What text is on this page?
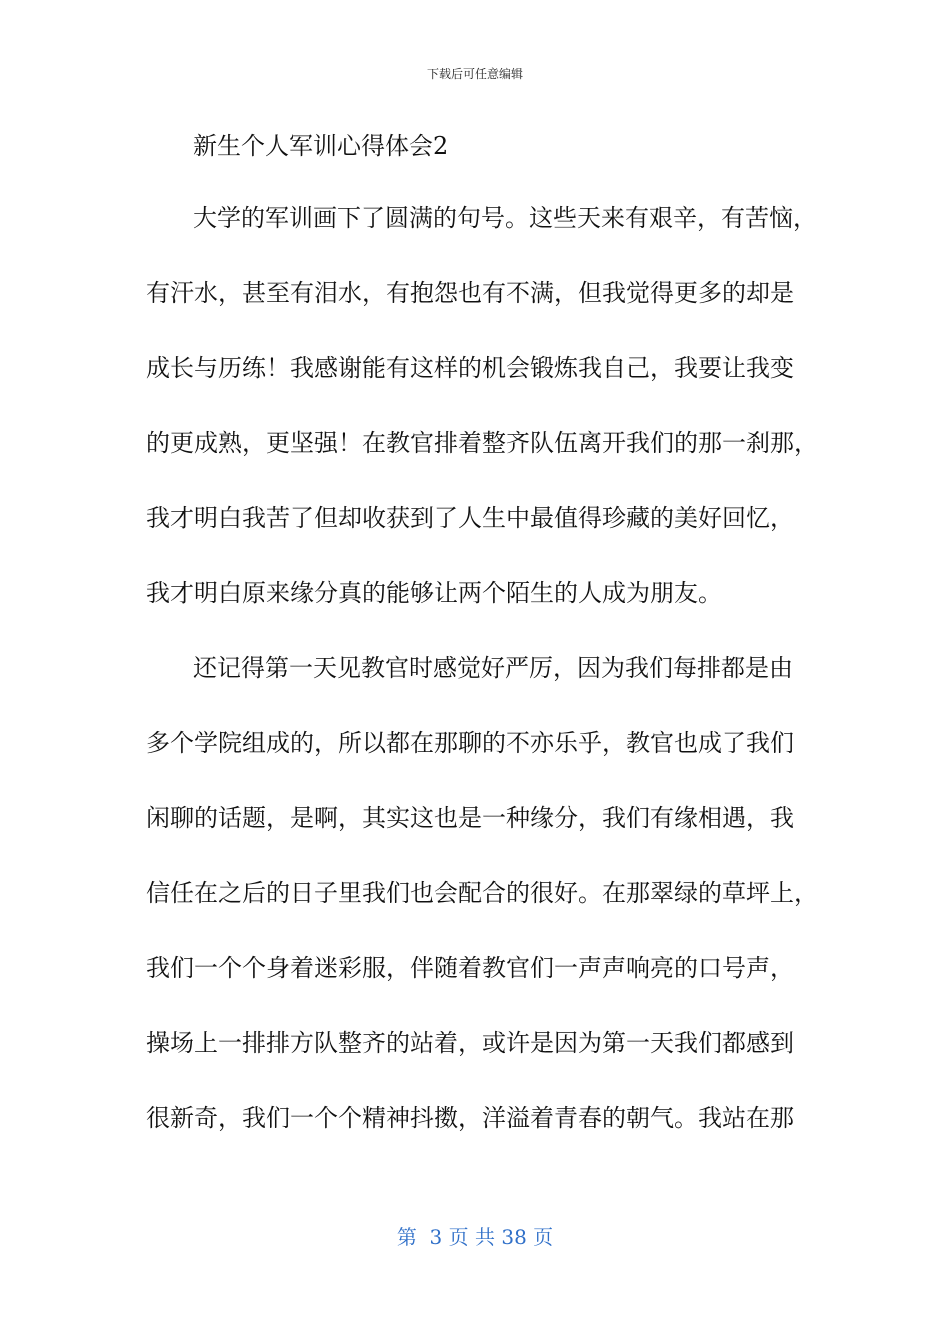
下载后可任意编辑
新生个人军训心得体会2
大学的军训画下了圆满的句号。这些天来有艰辛，有苦恼，
有汗水，甚至有泪水，有抱怨也有不满，但我觉得更多的却是
成长与历练！我感谢能有这样的机会锻炼我自己，我要让我变
的更成熟，更坚强！在教官排着整齐队伍离开我们的那一刹那，
我才明白我苦了但却收获到了人生中最值得珍藏的美好回忆，
我才明白原来缘分真的能够让两个陌生的人成为朋友。
还记得第一天见教官时感觉好严厉，因为我们每排都是由
多个学院组成的，所以都在那聊的不亦乐乎，教官也成了我们
闲聊的话题，是啊，其实这也是一种缘分，我们有缘相遇，我
信任在之后的日子里我们也会配合的很好。在那翠绿的草坪上，
我们一个个身着迷彩服，伴随着教官们一声声响亮的口号声，
操场上一排排方队整齐的站着，或许是因为第一天我们都感到
很新奇，我们一个个精神抖擞，洋溢着青春的朝气。我站在那
第  3 页 共 38 页
